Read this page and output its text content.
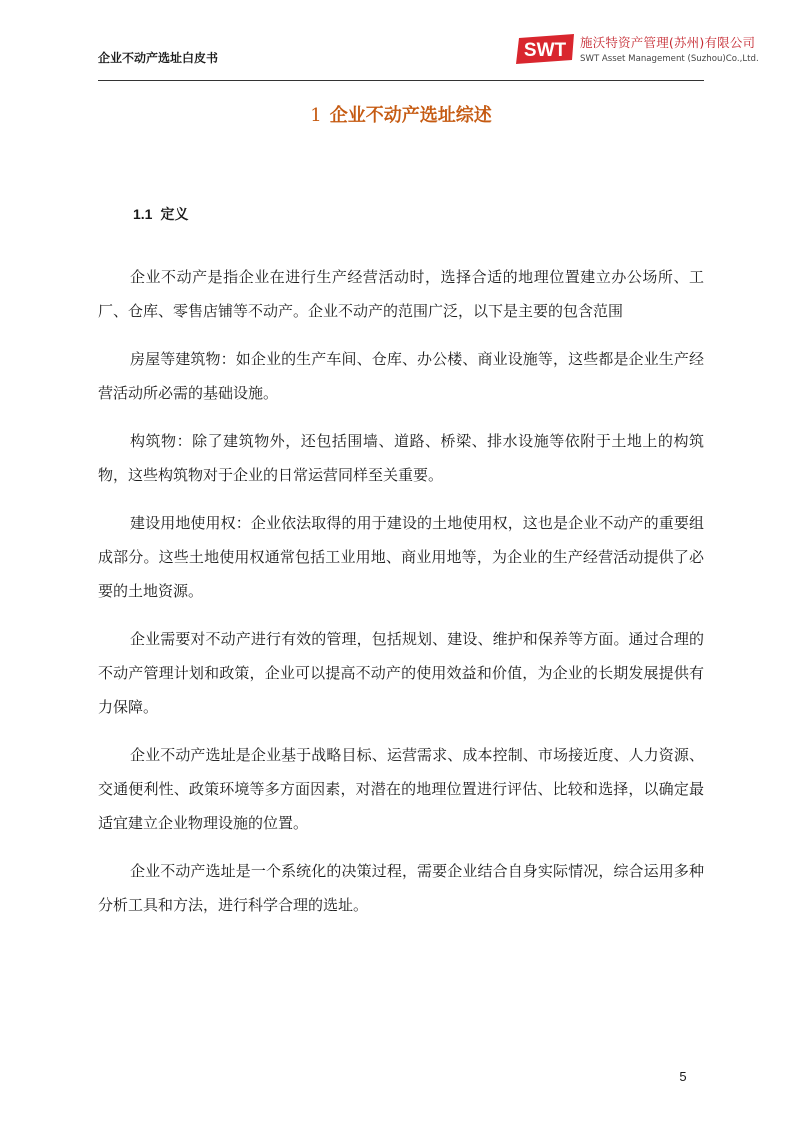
企业不动产选址白皮书	SWT 施沃特资产管理(苏州)有限公司
SWT Asset Management (Suzhou)Co.,Ltd.
1 企业不动产选址综述
1.1 定义

企业不动产是指企业在进行生产经营活动时，选择合适的地理位置建立办公场所、工厂、仓库、零售店铺等不动产。企业不动产的范围广泛，以下是主要的包含范围

房屋等建筑物：如企业的生产车间、仓库、办公楼、商业设施等，这些都是企业生产经营活动所必需的基础设施。

构筑物：除了建筑物外，还包括围墙、道路、桥梁、排水设施等依附于土地上的构筑物，这些构筑物对于企业的日常运营同样至关重要。

建设用地使用权：企业依法取得的用于建设的土地使用权，这也是企业不动产的重要组成部分。这些土地使用权通常包括工业用地、商业用地等，为企业的生产经营活动提供了必要的土地资源。

企业需要对不动产进行有效的管理，包括规划、建设、维护和保养等方面。通过合理的不动产管理计划和政策，企业可以提高不动产的使用效益和价值，为企业的长期发展提供有力保障。

企业不动产选址是企业基于战略目标、运营需求、成本控制、市场接近度、人力资源、交通便利性、政策环境等多方面因素，对潜在的地理位置进行评估、比较和选择，以确定最适宜建立企业物理设施的位置。

企业不动产选址是一个系统化的决策过程，需要企业结合自身实际情况，综合运用多种分析工具和方法，进行科学合理的选址。

5
